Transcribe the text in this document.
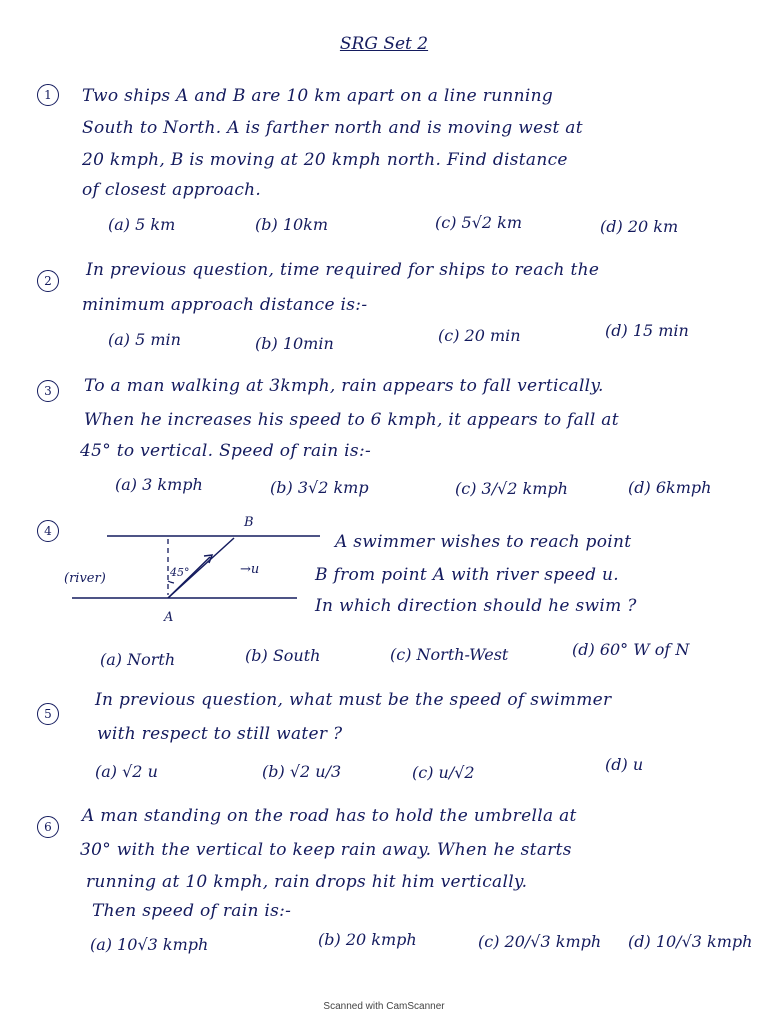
SRG Set 2
1	Two ships A and B are 10 km apart on a line running
South to North. A is farther north and is moving west at
20 kmph, B is moving at 20 kmph north. Find distance
of closest approach.
(a) 5 km	(b) 10km	(c) 5√2 km	(d) 20 km
2
In previous question, time required for ships to reach the
minimum approach distance is:-
(a) 5 min	(b) 10min	(c) 20 min	(d) 15 min
3	To a man walking at 3kmph, rain appears to fall vertically.
When he increases his speed to 6 kmph, it appears to fall at
45° to vertical. Speed of rain is:-
(a) 3 kmph	(b) 3√2 kmp	(c) 3/√2 kmph	(d) 6kmph
4
(river)	45°	→u
B
A
A swimmer wishes to reach point
B from point A with river speed u.
In which direction should he swim ?
(a) North	(b) South	(c) North-West	(d) 60° W of N
5
In previous question, what must be the speed of swimmer
with respect to still water ?
(a) √2 u	(b) √2 u/3	(c) u/√2	(d) u
6
A man standing on the road has to hold the umbrella at
30° with the vertical to keep rain away. When he starts
running at 10 kmph, rain drops hit him vertically.
Then speed of rain is:-
(a) 10√3 kmph	(b) 20 kmph	(c) 20/√3 kmph (d) 10/√3 kmph
Scanned with CamScanner
